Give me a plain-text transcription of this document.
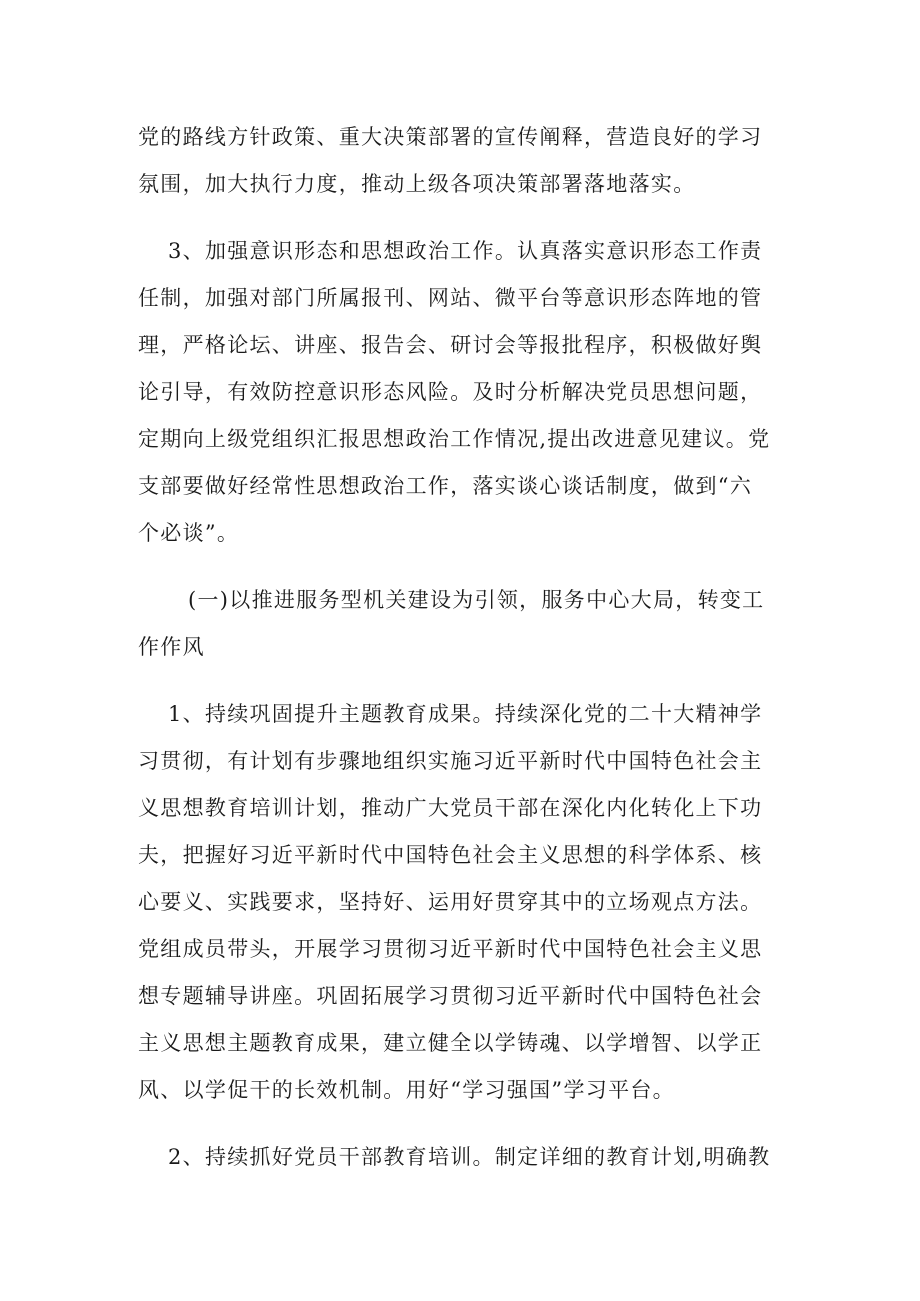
党的路线方针政策、重大决策部署的宣传阐释，营造良好的学习
氛围，加大执行力度，推动上级各项决策部署落地落实。

3、加强意识形态和思想政治工作。认真落实意识形态工作责
任制，加强对部门所属报刊、网站、微平台等意识形态阵地的管
理，严格论坛、讲座、报告会、研讨会等报批程序，积极做好舆
论引导，有效防控意识形态风险。及时分析解决党员思想问题，
定期向上级党组织汇报思想政治工作情况,提出改进意见建议。党
支部要做好经常性思想政治工作，落实谈心谈话制度，做到“六
个必谈”。

(一)以推进服务型机关建设为引领，服务中心大局，转变工
作作风

1、持续巩固提升主题教育成果。持续深化党的二十大精神学
习贯彻，有计划有步骤地组织实施习近平新时代中国特色社会主
义思想教育培训计划，推动广大党员干部在深化内化转化上下功
夫，把握好习近平新时代中国特色社会主义思想的科学体系、核
心要义、实践要求，坚持好、运用好贯穿其中的立场观点方法。
党组成员带头，开展学习贯彻习近平新时代中国特色社会主义思
想专题辅导讲座。巩固拓展学习贯彻习近平新时代中国特色社会
主义思想主题教育成果，建立健全以学铸魂、以学增智、以学正
风、以学促干的长效机制。用好“学习强国”学习平台。

2、持续抓好党员干部教育培训。制定详细的教育计划,明确教
